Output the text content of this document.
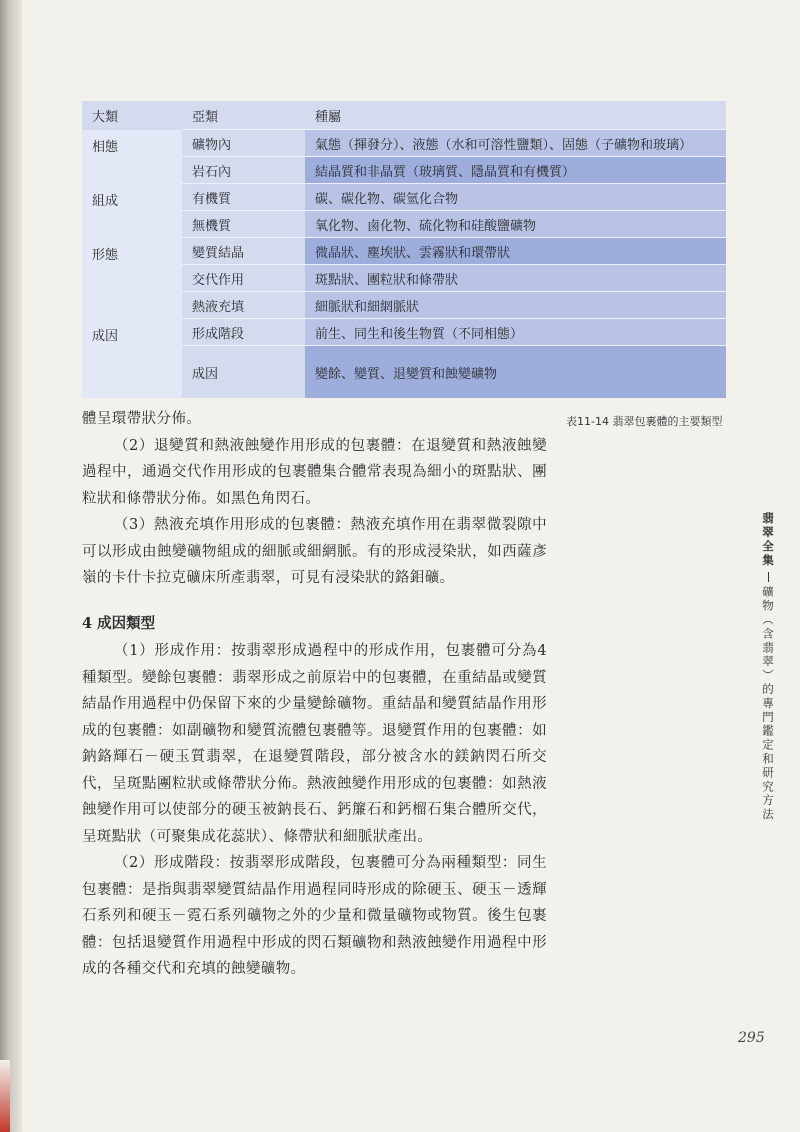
大類	亞類	種屬
相態	礦物內	氣態（揮發分）、液態（水和可溶性鹽類）、固態（子礦物和玻璃）
	岩石內	結晶質和非晶質（玻璃質、隱晶質和有機質）
組成	有機質	碳、碳化物、碳氫化合物
	無機質	氧化物、鹵化物、硫化物和硅酸鹽礦物
形態	變質結晶	微晶狀、塵埃狀、雲霧狀和環帶狀
	交代作用	斑點狀、團粒狀和條帶狀
	熱液充填	細脈狀和細網脈狀
成因	形成階段	前生、同生和後生物質（不同相態）
	成因	變餘、變質、退變質和蝕變礦物
表11-14 翡翠包裹體的主要類型

體呈環帶狀分佈。

（2）退變質和熱液蝕變作用形成的包裹體：在退變質和熱液蝕變過程中，通過交代作用形成的包裹體集合體常表現為細小的斑點狀、團粒狀和條帶狀分佈。如黑色角閃石。

（3）熱液充填作用形成的包裹體：熱液充填作用在翡翠微裂隙中可以形成由蝕變礦物組成的細脈或細網脈。有的形成浸染狀，如西薩彥嶺的卡什卡拉克礦床所產翡翠，可見有浸染狀的鉻鉬礦。

4 成因類型

（1）形成作用：按翡翠形成過程中的形成作用，包裹體可分為4種類型。變餘包裹體：翡翠形成之前原岩中的包裹體，在重結晶或變質結晶作用過程中仍保留下來的少量變餘礦物。重結晶和變質結晶作用形成的包裹體：如副礦物和變質流體包裹體等。退變質作用的包裹體：如鈉鉻輝石－硬玉質翡翠，在退變質階段，部分被含水的鎂鈉閃石所交代，呈斑點團粒狀或條帶狀分佈。熱液蝕變作用形成的包裹體：如熱液蝕變作用可以使部分的硬玉被鈉長石、鈣簾石和鈣榴石集合體所交代，呈斑點狀（可聚集成花蕊狀）、條帶狀和細脈狀產出。

（2）形成階段：按翡翠形成階段，包裹體可分為兩種類型：同生包裹體：是指與翡翠變質結晶作用過程同時形成的除硬玉、硬玉－透輝石系列和硬玉－霓石系列礦物之外的少量和微量礦物或物質。後生包裹體：包括退變質作用過程中形成的閃石類礦物和熱液蝕變作用過程中形成的各種交代和充填的蝕變礦物。

翡翠全集礦物（含翡翠）的專門鑑定和研究方法
295
